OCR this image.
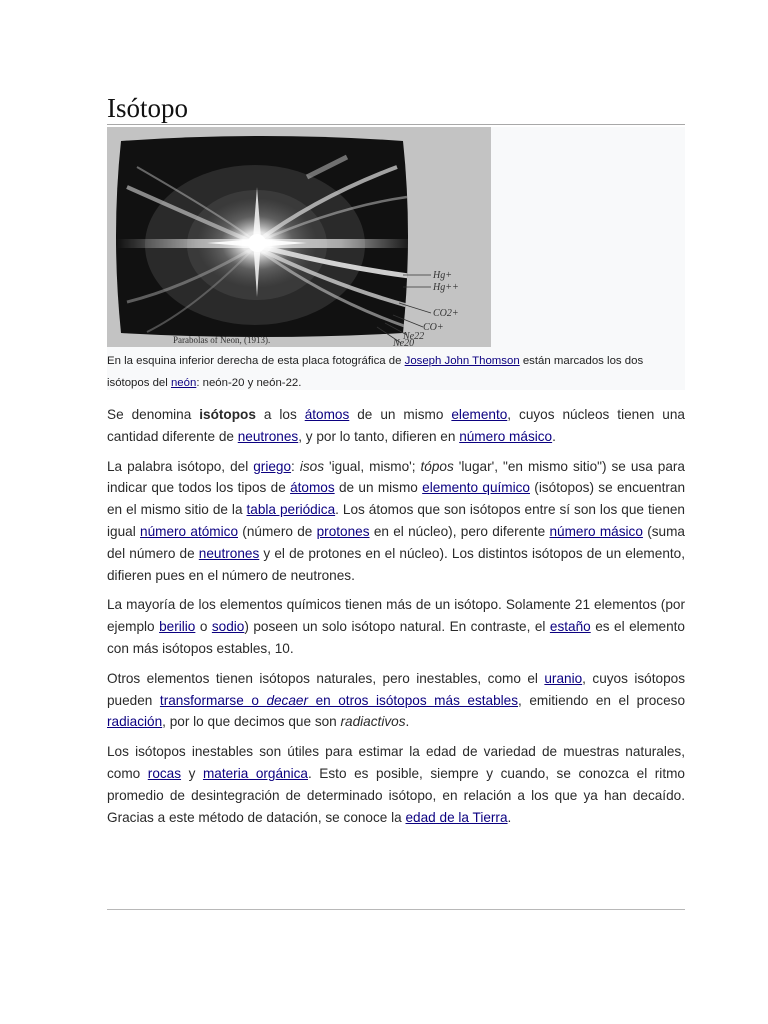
Isótopo
Hg+
Hg++
CO2+
CO+
Ne22
Ne20
Parabolas of Neon, (1913).
En la esquina inferior derecha de esta placa fotográfica de Joseph John Thomson están marcados los dos isótopos del neón: neón-20 y neón-22.

Se denomina isótopos a los átomos de un mismo elemento, cuyos núcleos tienen una cantidad diferente de neutrones, y por lo tanto, difieren en número másico.

La palabra isótopo, del griego: isos 'igual, mismo'; tópos 'lugar', "en mismo sitio") se usa para indicar que todos los tipos de átomos de un mismo elemento químico (isótopos) se encuentran en el mismo sitio de la tabla periódica. Los átomos que son isótopos entre sí son los que tienen igual número atómico (número de protones en el núcleo), pero diferente número másico (suma del número de neutrones y el de protones en el núcleo). Los distintos isótopos de un elemento, difieren pues en el número de neutrones.

La mayoría de los elementos químicos tienen más de un isótopo. Solamente 21 elementos (por ejemplo berilio o sodio) poseen un solo isótopo natural. En contraste, el estaño es el elemento con más isótopos estables, 10.

Otros elementos tienen isótopos naturales, pero inestables, como el uranio, cuyos isótopos pueden transformarse o decaer en otros isótopos más estables, emitiendo en el proceso radiación, por lo que decimos que son radiactivos.

Los isótopos inestables son útiles para estimar la edad de variedad de muestras naturales, como rocas y materia orgánica. Esto es posible, siempre y cuando, se conozca el ritmo promedio de desintegración de determinado isótopo, en relación a los que ya han decaído. Gracias a este método de datación, se conoce la edad de la Tierra.
